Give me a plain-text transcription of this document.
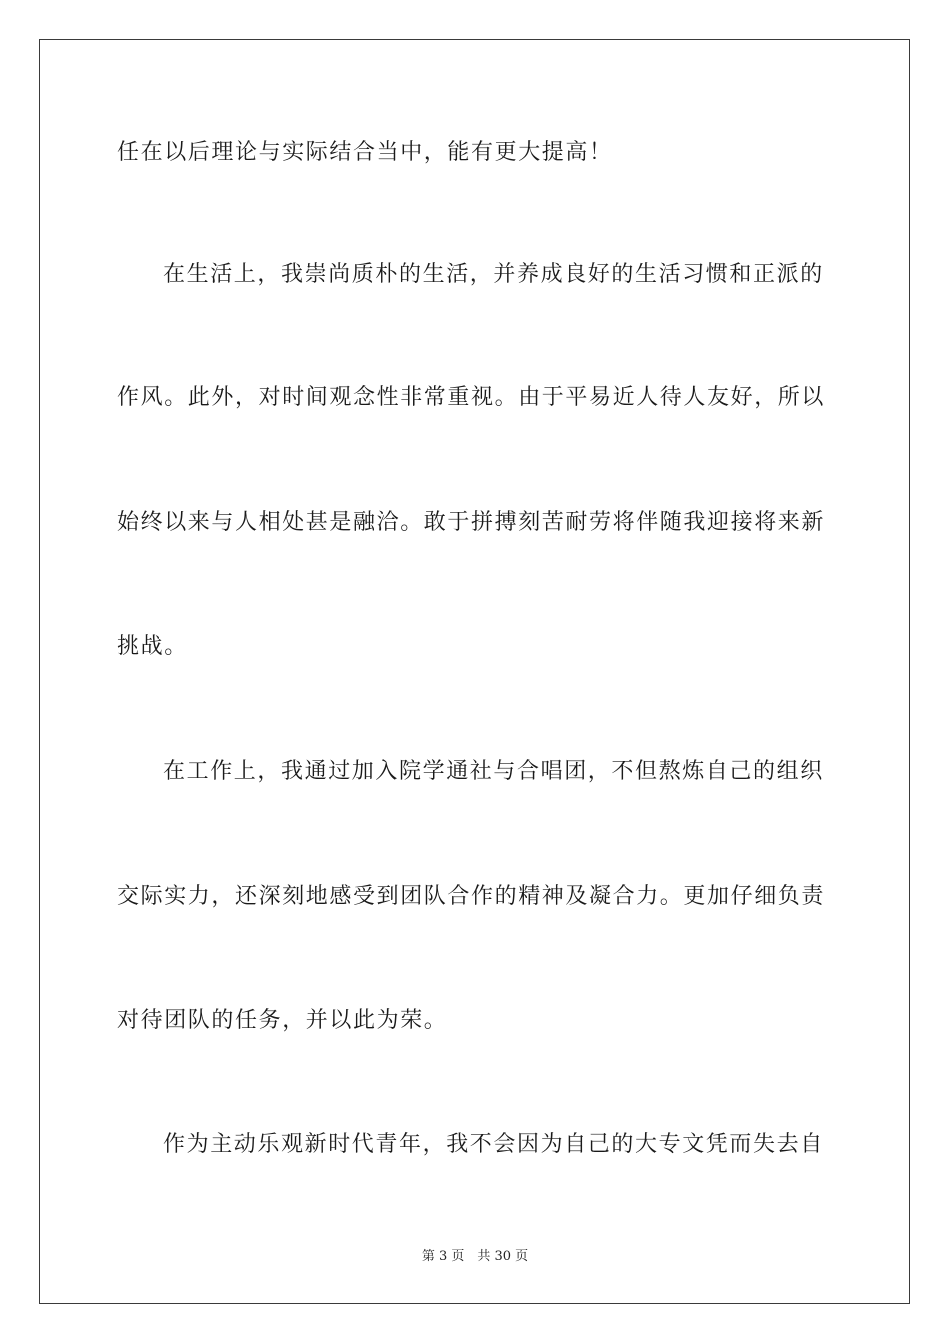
任在以后理论与实际结合当中，能有更大提高！
在生活上，我崇尚质朴的生活，并养成良好的生活习惯和正派的
作风。此外，对时间观念性非常重视。由于平易近人待人友好，所以
始终以来与人相处甚是融洽。敢于拼搏刻苦耐劳将伴随我迎接将来新
挑战。
在工作上，我通过加入院学通社与合唱团，不但熬炼自己的组织
交际实力，还深刻地感受到团队合作的精神及凝合力。更加仔细负责
对待团队的任务，并以此为荣。
作为主动乐观新时代青年，我不会因为自己的大专文凭而失去自
第 3 页　共 30 页
